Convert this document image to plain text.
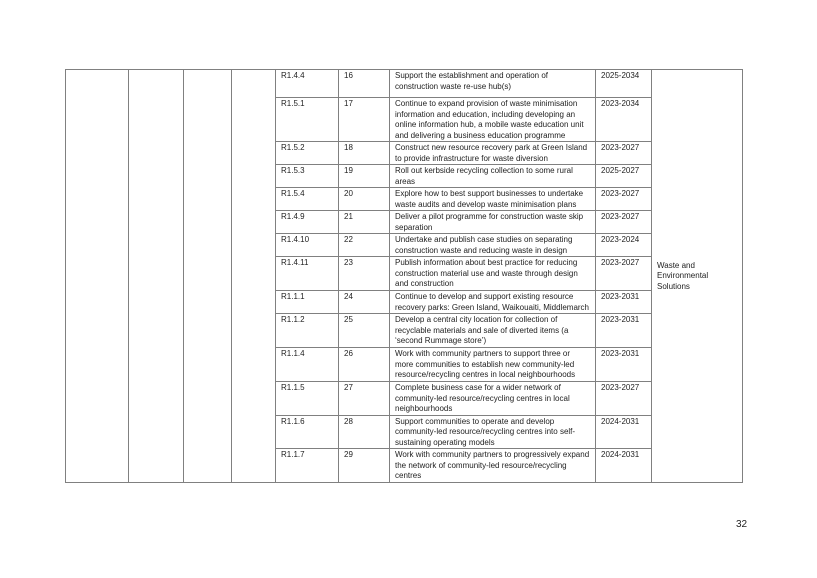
				R1.4.4	16	Support the establishment and operation of construction waste re-use hub(s)	2025-2034	Waste and Environmental Solutions
				R1.5.1	17	Continue to expand provision of waste minimisation information and education, including developing an online information hub, a mobile waste education unit and delivering a business education programme	2023-2034	
				R1.5.2	18	Construct new resource recovery park at Green Island to provide infrastructure for waste diversion	2023-2027	
				R1.5.3	19	Roll out kerbside recycling collection to some rural areas	2025-2027	
				R1.5.4	20	Explore how to best support businesses to undertake waste audits and develop waste minimisation plans	2023-2027	
				R1.4.9	21	Deliver a pilot programme for construction waste skip separation	2023-2027	
				R1.4.10	22	Undertake and publish case studies on separating construction waste and reducing waste in design	2023-2024	
				R1.4.11	23	Publish information about best practice for reducing construction material use and waste through design and construction	2023-2027	
				R1.1.1	24	Continue to develop and support existing resource recovery parks: Green Island, Waikouaiti, Middlemarch	2023-2031	
				R1.1.2	25	Develop a central city location for collection of recyclable materials and sale of diverted items (a ‘second Rummage store’)	2023-2031	
				R1.1.4	26	Work with community partners to support three or more communities to establish new community-led resource/recycling centres in local neighbourhoods	2023-2031	
				R1.1.5	27	Complete business case for a wider network of community-led resource/recycling centres in local neighbourhoods	2023-2027	
				R1.1.6	28	Support communities to operate and develop community-led resource/recycling centres into self-sustaining operating models	2024-2031	
				R1.1.7	29	Work with community partners to progressively expand the network of community-led resource/recycling centres	2024-2031	
32
